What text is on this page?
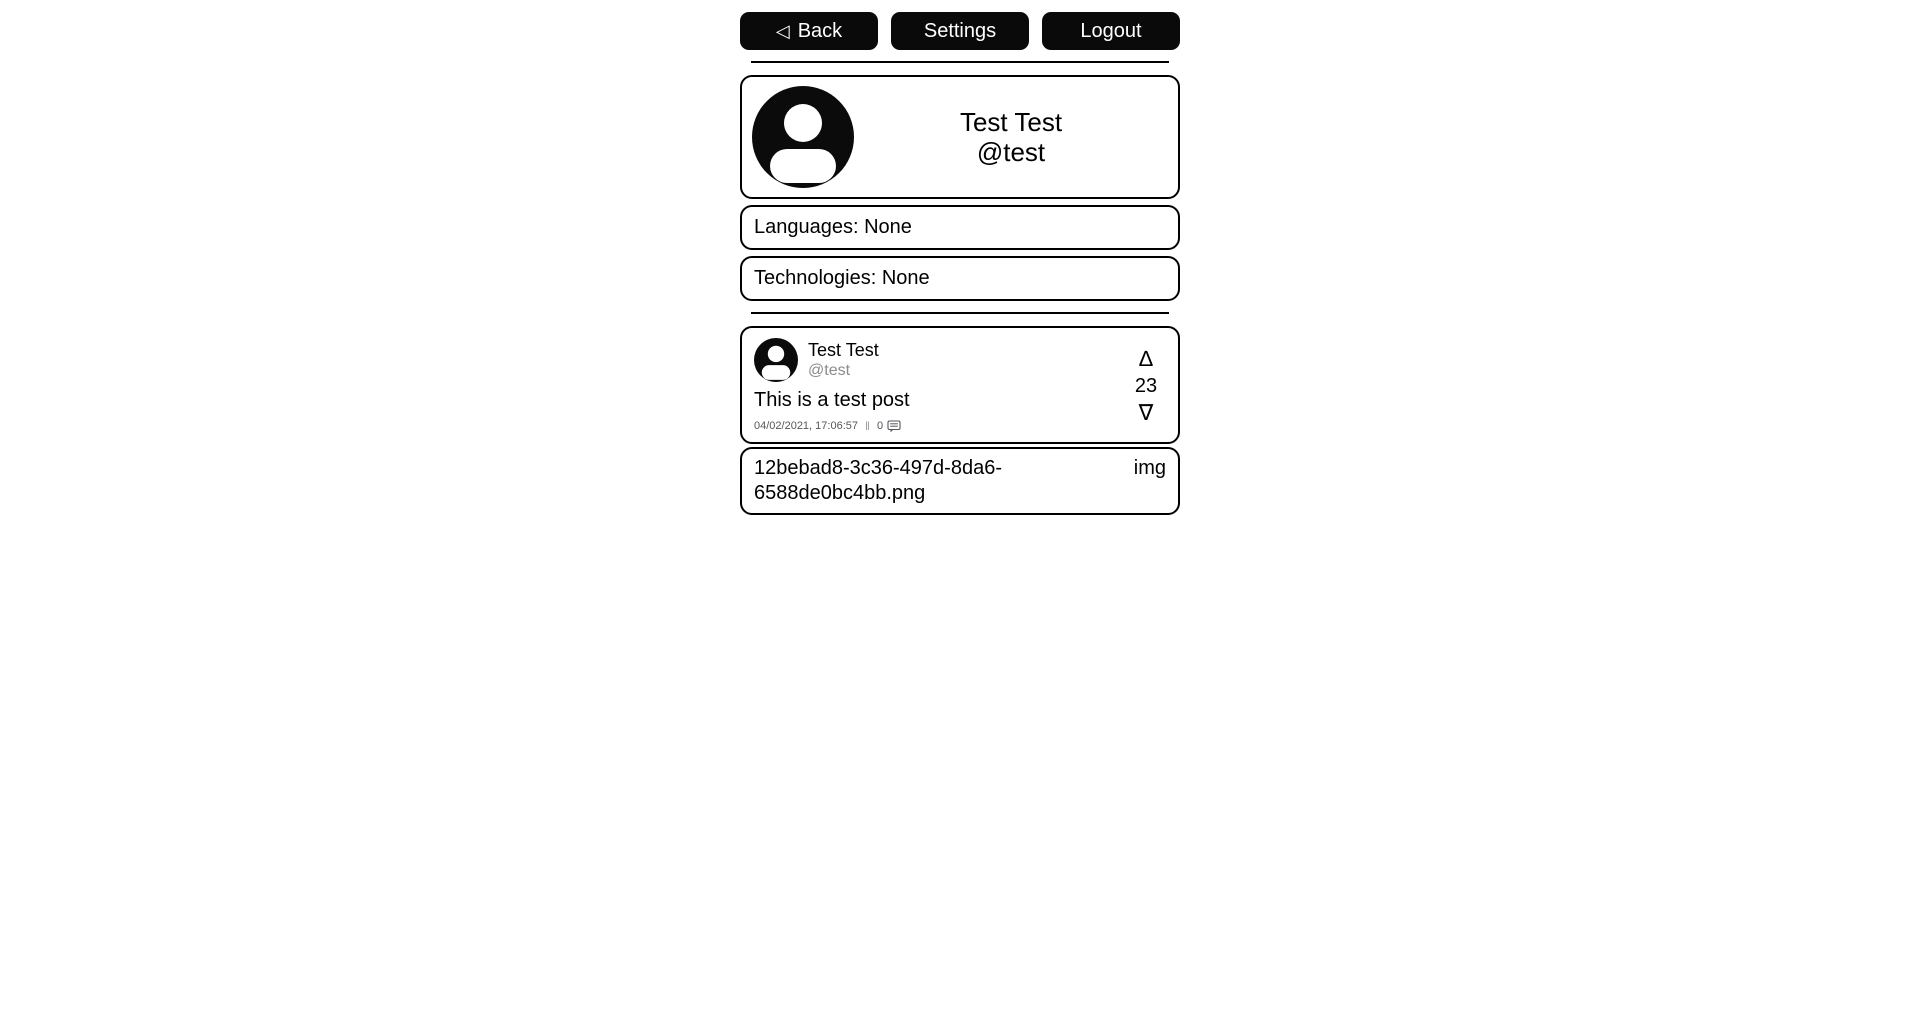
◁ Back	Settings	Logout
Test Test
@test
Languages: None
Technologies: None
Test Test
@test
This is a test post
04/02/2021, 17:06:57 ‖ 0
∆
23
∇
12bebad8-3c36-497d-8da6-6588de0bc4bb.png
img
